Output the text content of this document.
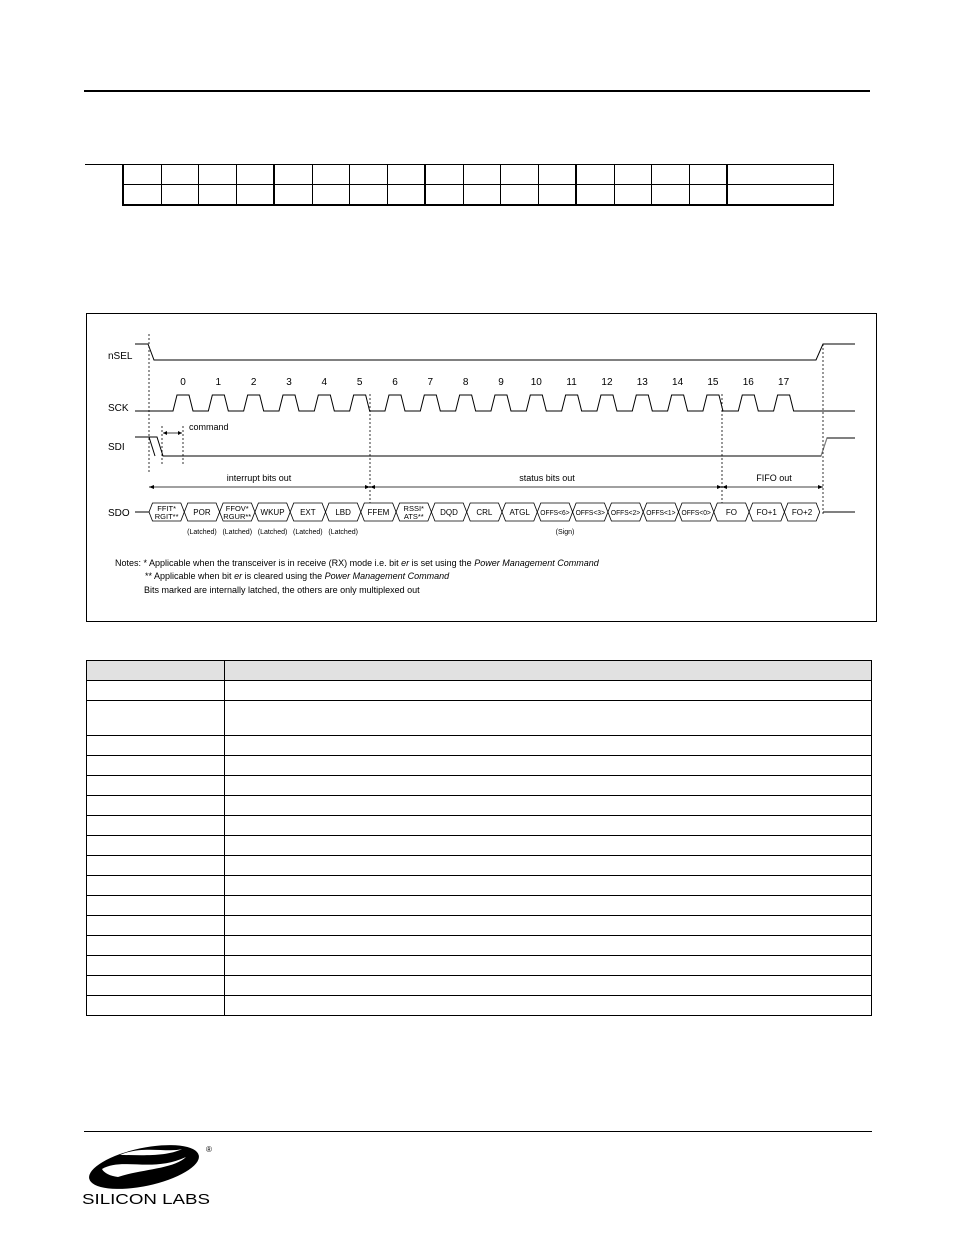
nSEL
SCK
SDI
SDO
command
interrupt bits out	status bits out	FIFO out
0	1	2	3	4	5	6	7	8	9	10 11 12 13 14 15 16 17
FFIT*
RGIT** POR FFOV*
RGUR** WKUP EXT LBD FFEM RSSI*
ATS** DQD CRL ATGL OFFS<6> OFFS<3> OFFS<2> OFFS<1> OFFS<0> FO FO+1 FO+2
(Latched) (Latched) (Latched) (Latched) (Latched)	(Sign)
Notes: * Applicable when the transceiver is in receive (RX) mode i.e. bit er is set using the Power Management Command
** Applicable when bit er is cleared using the Power Management Command
Bits marked are internally latched, the others are only multiplexed out

®
SILICON LABS
